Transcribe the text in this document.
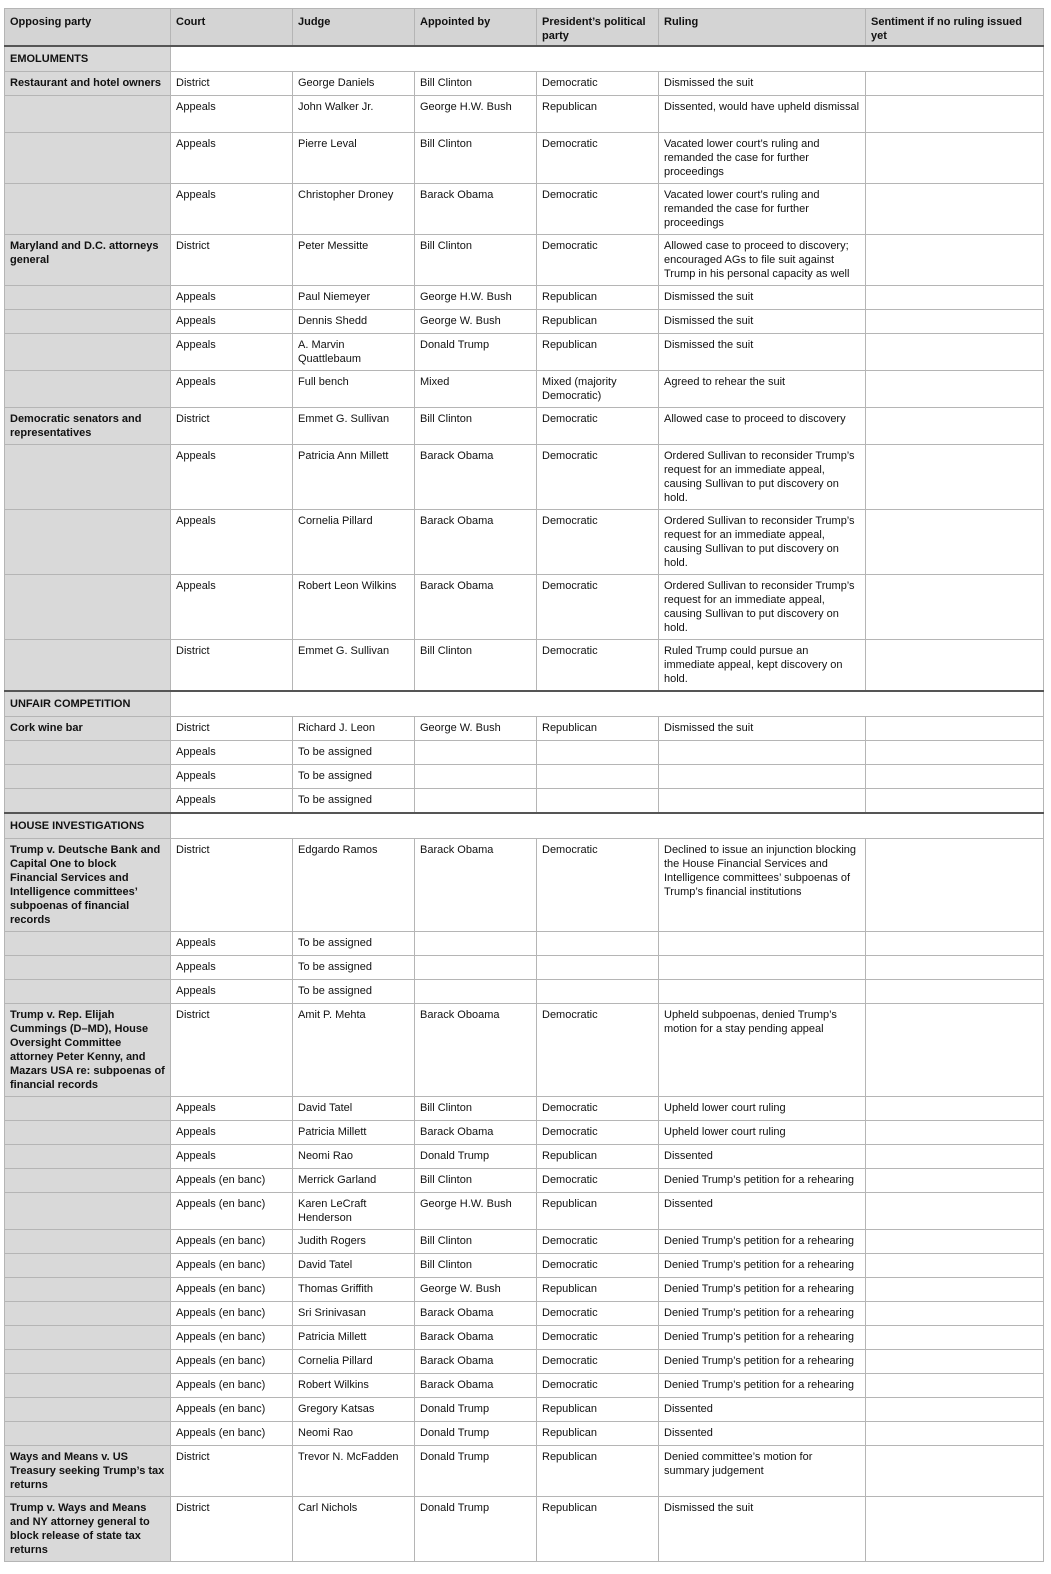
Opposing party	Court	Judge	Appointed by	President’s political party	Ruling	Sentiment if no ruling issued yet
EMOLUMENTS						
Restaurant and hotel owners	District	George Daniels	Bill Clinton	Democratic	Dismissed the suit	
	Appeals	John Walker Jr.	George H.W. Bush	Republican	Dissented, would have upheld dismissal	
	Appeals	Pierre Leval	Bill Clinton	Democratic	Vacated lower court’s ruling and remanded the case for further proceedings	
	Appeals	Christopher Droney	Barack Obama	Democratic	Vacated lower court’s ruling and remanded the case for further proceedings	
Maryland and D.C. attorneys general	District	Peter Messitte	Bill Clinton	Democratic	Allowed case to proceed to discovery; encouraged AGs to file suit against Trump in his personal capacity as well	
	Appeals	Paul Niemeyer	George H.W. Bush	Republican	Dismissed the suit	
	Appeals	Dennis Shedd	George W. Bush	Republican	Dismissed the suit	
	Appeals	A. Marvin Quattlebaum	Donald Trump	Republican	Dismissed the suit	
	Appeals	Full bench	Mixed	Mixed (majority Democratic)	Agreed to rehear the suit	
Democratic senators and representatives	District	Emmet G. Sullivan	Bill Clinton	Democratic	Allowed case to proceed to discovery	
	Appeals	Patricia Ann Millett	Barack Obama	Democratic	Ordered Sullivan to reconsider Trump’s request for an immediate appeal, causing Sullivan to put discovery on hold.	
	Appeals	Cornelia Pillard	Barack Obama	Democratic	Ordered Sullivan to reconsider Trump’s request for an immediate appeal, causing Sullivan to put discovery on hold.	
	Appeals	Robert Leon Wilkins	Barack Obama	Democratic	Ordered Sullivan to reconsider Trump’s request for an immediate appeal, causing Sullivan to put discovery on hold.	
	District	Emmet G. Sullivan	Bill Clinton	Democratic	Ruled Trump could pursue an immediate appeal, kept discovery on hold.	
UNFAIR COMPETITION						
Cork wine bar	District	Richard J. Leon	George W. Bush	Republican	Dismissed the suit	
	Appeals	To be assigned				
	Appeals	To be assigned				
	Appeals	To be assigned				
HOUSE INVESTIGATIONS						
Trump v. Deutsche Bank and Capital One to block Financial Services and Intelligence committees’ subpoenas of financial records	District	Edgardo Ramos	Barack Obama	Democratic	Declined to issue an injunction blocking the House Financial Services and Intelligence committees’ subpoenas of Trump’s financial institutions	
	Appeals	To be assigned				
	Appeals	To be assigned				
	Appeals	To be assigned				
Trump v. Rep. Elijah Cummings (D–MD), House Oversight Committee attorney Peter Kenny, and Mazars USA re: subpoenas of financial records	District	Amit P. Mehta	Barack Oboama	Democratic	Upheld subpoenas, denied Trump’s motion for a stay pending appeal	
	Appeals	David Tatel	Bill Clinton	Democratic	Upheld lower court ruling	
	Appeals	Patricia Millett	Barack Obama	Democratic	Upheld lower court ruling	
	Appeals	Neomi Rao	Donald Trump	Republican	Dissented	
	Appeals (en banc)	Merrick Garland	Bill Clinton	Democratic	Denied Trump’s petition for a rehearing	
	Appeals (en banc)	Karen LeCraft Henderson	George H.W. Bush	Republican	Dissented	
	Appeals (en banc)	Judith Rogers	Bill Clinton	Democratic	Denied Trump’s petition for a rehearing	
	Appeals (en banc)	David Tatel	Bill Clinton	Democratic	Denied Trump’s petition for a rehearing	
	Appeals (en banc)	Thomas Griffith	George W. Bush	Republican	Denied Trump’s petition for a rehearing	
	Appeals (en banc)	Sri Srinivasan	Barack Obama	Democratic	Denied Trump’s petition for a rehearing	
	Appeals (en banc)	Patricia Millett	Barack Obama	Democratic	Denied Trump’s petition for a rehearing	
	Appeals (en banc)	Cornelia Pillard	Barack Obama	Democratic	Denied Trump’s petition for a rehearing	
	Appeals (en banc)	Robert Wilkins	Barack Obama	Democratic	Denied Trump’s petition for a rehearing	
	Appeals (en banc)	Gregory Katsas	Donald Trump	Republican	Dissented	
	Appeals (en banc)	Neomi Rao	Donald Trump	Republican	Dissented	
Ways and Means v. US Treasury seeking Trump’s tax returns	District	Trevor N. McFadden	Donald Trump	Republican	Denied committee’s motion for summary judgement	
Trump v. Ways and Means and NY attorney general to block release of state tax returns	District	Carl Nichols	Donald Trump	Republican	Dismissed the suit	
